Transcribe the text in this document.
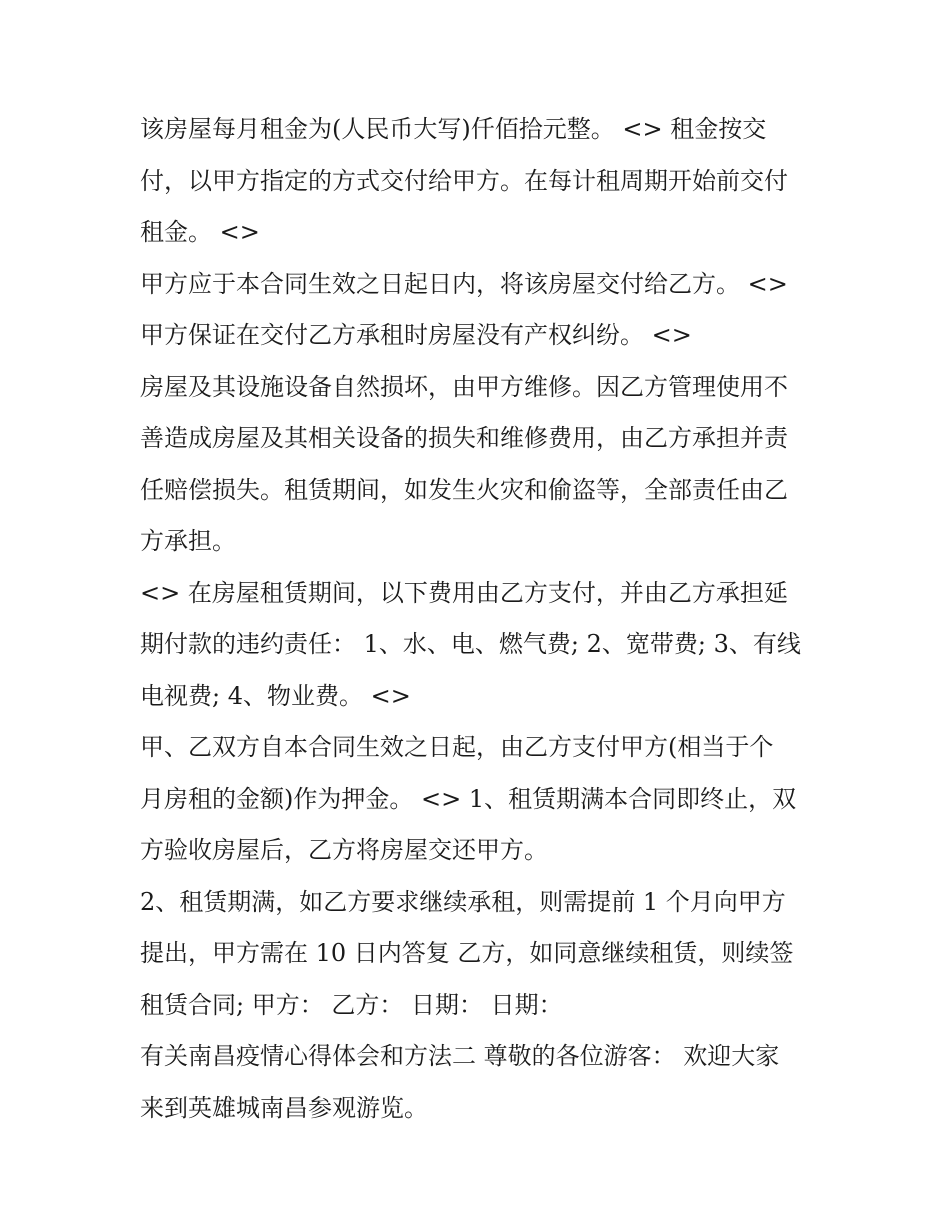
该房屋每月租金为(人民币大写)仟佰拾元整。 <> 租金按交
付，以甲方指定的方式交付给甲方。在每计租周期开始前交付
租金。 <>
甲方应于本合同生效之日起日内，将该房屋交付给乙方。 <>
甲方保证在交付乙方承租时房屋没有产权纠纷。 <>
房屋及其设施设备自然损坏，由甲方维修。因乙方管理使用不
善造成房屋及其相关设备的损失和维修费用，由乙方承担并责
任赔偿损失。租赁期间，如发生火灾和偷盗等，全部责任由乙
方承担。
<> 在房屋租赁期间，以下费用由乙方支付，并由乙方承担延
期付款的违约责任： 1、水、电、燃气费; 2、宽带费; 3、有线
电视费; 4、物业费。 <>
甲、乙双方自本合同生效之日起，由乙方支付甲方(相当于个
月房租的金额)作为押金。 <> 1、租赁期满本合同即终止，双
方验收房屋后，乙方将房屋交还甲方。
2、租赁期满，如乙方要求继续承租，则需提前 1 个月向甲方
提出，甲方需在 10 日内答复 乙方，如同意继续租赁，则续签
租赁合同; 甲方： 乙方： 日期： 日期：
有关南昌疫情心得体会和方法二 尊敬的各位游客： 欢迎大家
来到英雄城南昌参观游览。
